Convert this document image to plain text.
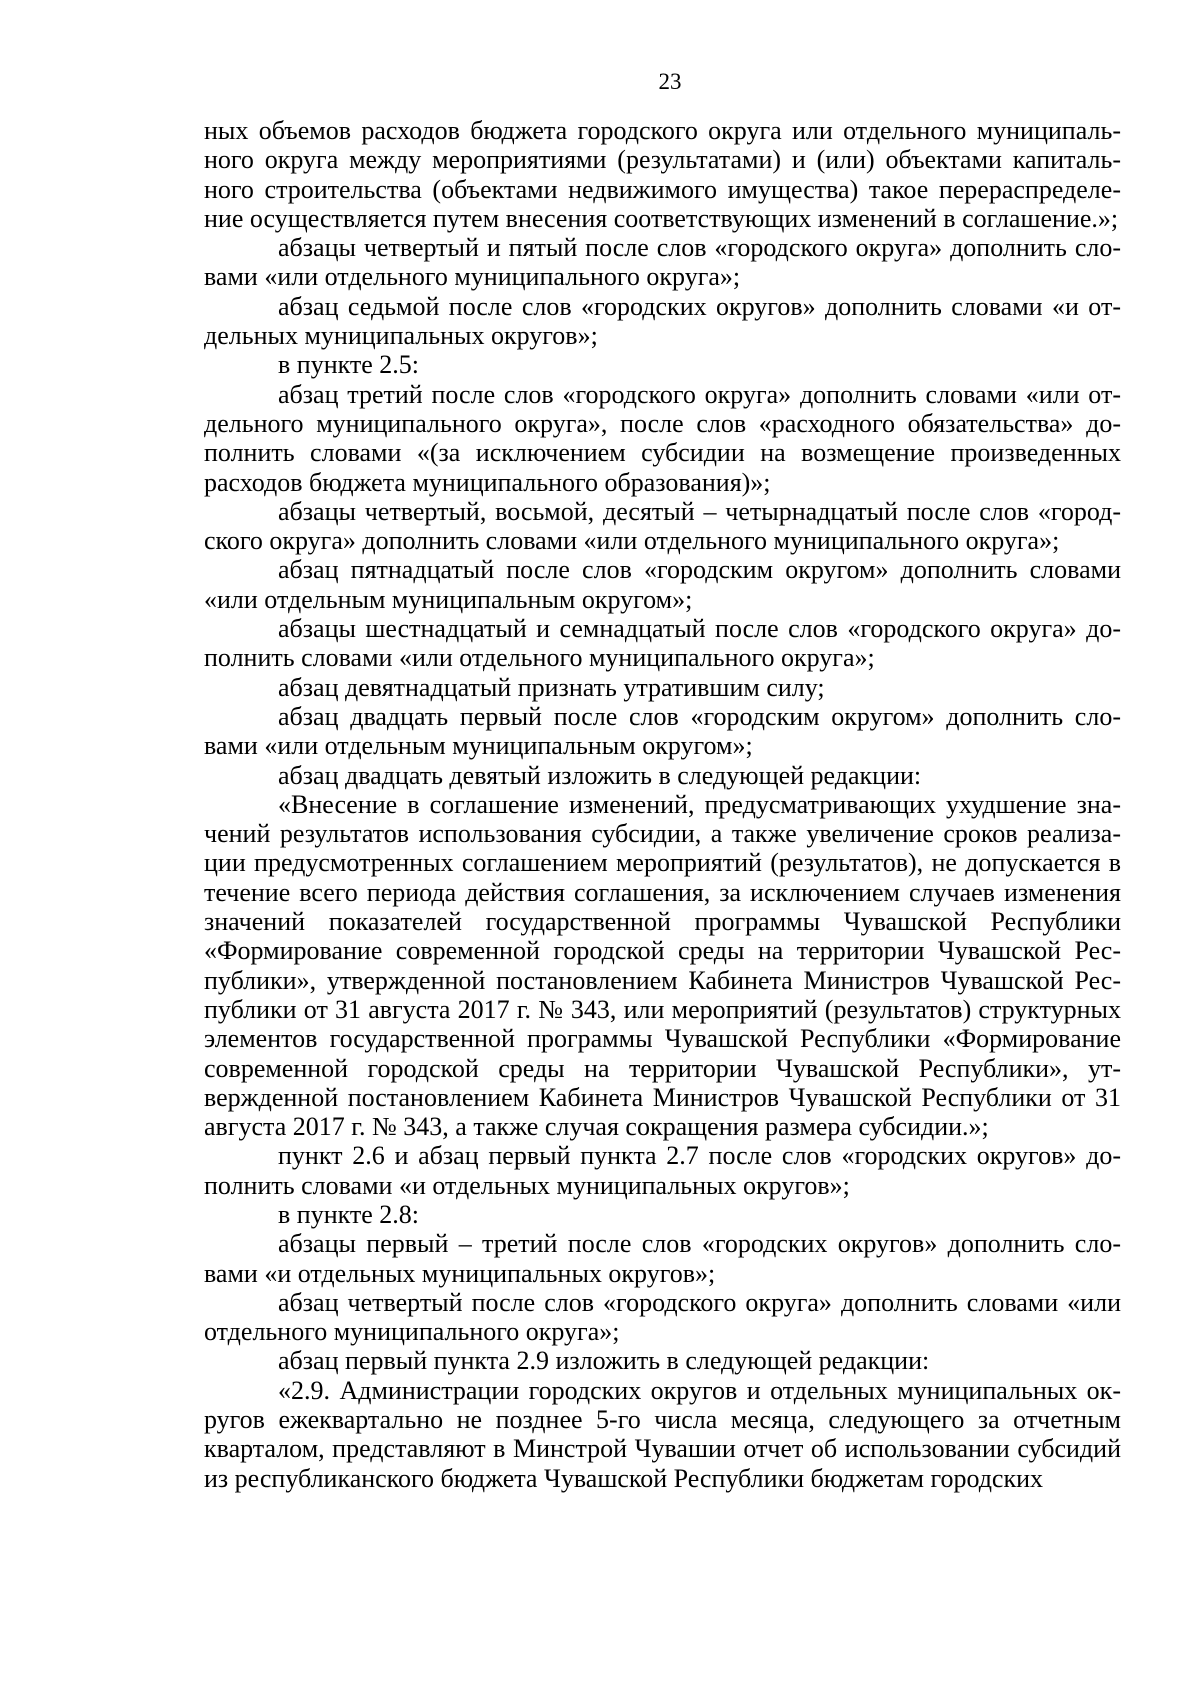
23

ных объемов расходов бюджета городского округа или отдельного муниципального округа между мероприятиями (результатами) и (или) объектами капитального строительства (объектами недвижимого имущества) такое перераспределение осуществляется путем внесения соответствующих изменений в соглашение.»;

абзацы четвертый и пятый после слов «городского округа» дополнить словами «или отдельного муниципального округа»;

абзац седьмой после слов «городских округов» дополнить словами «и отдельных муниципальных округов»;

в пункте 2.5:

абзац третий после слов «городского округа» дополнить словами «или отдельного муниципального округа», после слов «расходного обязательства» дополнить словами «(за исключением субсидии на возмещение произведенных расходов бюджета муниципального образования)»;

абзацы четвертый, восьмой, десятый – четырнадцатый после слов «городского округа» дополнить словами «или отдельного муниципального округа»;

абзац пятнадцатый после слов «городским округом» дополнить словами «или отдельным муниципальным округом»;

абзацы шестнадцатый и семнадцатый после слов «городского округа» дополнить словами «или отдельного муниципального округа»;

абзац девятнадцатый признать утратившим силу;

абзац двадцать первый после слов «городским округом» дополнить словами «или отдельным муниципальным округом»;

абзац двадцать девятый изложить в следующей редакции:

«Внесение в соглашение изменений, предусматривающих ухудшение значений результатов использования субсидии, а также увеличение сроков реализации предусмотренных соглашением мероприятий (результатов), не допускается в течение всего периода действия соглашения, за исключением случаев изменения значений показателей государственной программы Чувашской Республики «Формирование современной городской среды на территории Чувашской Республики», утвержденной постановлением Кабинета Министров Чувашской Республики от 31 августа 2017 г. № 343, или мероприятий (результатов) структурных элементов государственной программы Чувашской Республики «Формирование современной городской среды на территории Чувашской Республики», утвержденной постановлением Кабинета Министров Чувашской Республики от 31 августа 2017 г. № 343, а также случая сокращения размера субсидии.»;

пункт 2.6 и абзац первый пункта 2.7 после слов «городских округов» дополнить словами «и отдельных муниципальных округов»;

в пункте 2.8:

абзацы первый – третий после слов «городских округов» дополнить словами «и отдельных муниципальных округов»;

абзац четвертый после слов «городского округа» дополнить словами «или отдельного муниципального округа»;

абзац первый пункта 2.9 изложить в следующей редакции:

«2.9. Администрации городских округов и отдельных муниципальных округов ежеквартально не позднее 5-го числа месяца, следующего за отчетным кварталом, представляют в Минстрой Чувашии отчет об использовании субсидий из республиканского бюджета Чувашской Республики бюджетам городских
